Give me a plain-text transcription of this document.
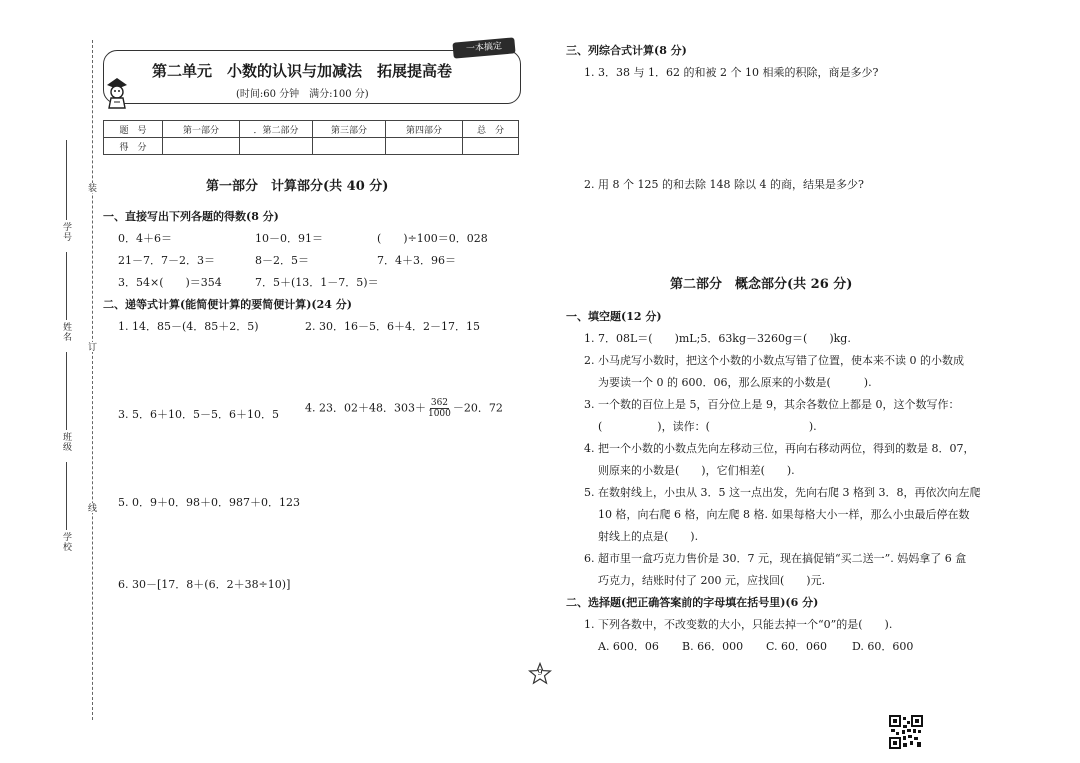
装
订
线
学号
姓名
班级
学校
一本搞定
第二单元　小数的认识与加减法　拓展提高卷
(时间:60 分钟　满分:100 分)
题　号	第一部分	．第二部分	第三部分	第四部分	总　分
得　分					
第一部分　计算部分(共 40 分)
一、直接写出下列各题的得数(8 分)
0．4＋6＝	10－0．91＝	(　　)÷100＝0．028
21－7．7－2．3＝	8－2．5＝	7．4＋3．96＝
3．54×(　　)＝354	7．5＋(13．1－7．5)＝
二、递等式计算(能简便计算的要简便计算)(24 分)
1. 14．85－(4．85＋2．5)	2. 30．16－5．6＋4．2－17．15
3. 5．6＋10．5－5．6＋10．5 4. 23．02＋48．$303+ \frac{362}{1000} -20$．72
5. 0．9＋0．98＋0．987＋0．123
6. 30－[17．8＋(6．2＋38÷10)]
三、列综合式计算(8 分)
1. 3．38 与 1．62 的和被 2 个 10 相乘的积除，商是多少?
2. 用 8 个 125 的和去除 148 除以 4 的商，结果是多少?
第二部分　概念部分(共 26 分)
一、填空题(12 分)
1. 7．08L＝(　　)mL;5．63kg－3260g＝(　　)kg.
2. 小马虎写小数时，把这个小数的小数点写错了位置，使本来不读 0 的小数成
为要读一个 0 的 600．06，那么原来的小数是(　　　).
3. 一个数的百位上是 5，百分位上是 9，其余各数位上都是 0，这个数写作：
(　　　　　)，读作：(　　　　　　　　　).
4. 把一个小数的小数点先向左移动三位，再向右移动两位，得到的数是 8．07，
则原来的小数是(　　)，它们相差(　　).
5. 在数射线上，小虫从 3．5 这一点出发，先向右爬 3 格到 3．8，再依次向左爬
10 格，向右爬 6 格，向左爬 8 格. 如果每格大小一样，那么小虫最后停在数
射线上的点是(　　).
6. 超市里一盒巧克力售价是 30．7 元，现在搞促销“买二送一”. 妈妈拿了 6 盒
巧克力，结账时付了 200 元，应找回(　　)元.
二、选择题(把正确答案前的字母填在括号里)(6 分)
1. 下列各数中，不改变数的大小，只能去掉一个“0”的是(　　).
A. 600．06 B. 66．000 C. 60．060 D. 60．600
9
